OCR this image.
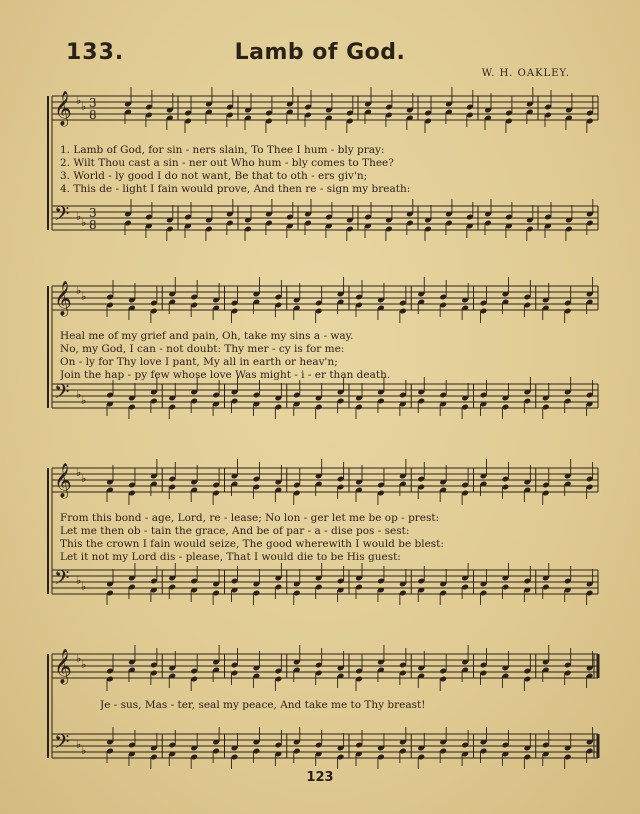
133.	Lamb of God.
W. H. OAKLEY.
1. Lamb of God, for sin - ners slain, To Thee I hum - bly pray:
2. Wilt Thou cast a sin - ner out Who hum - bly comes to Thee?
3. World - ly good I do not want, Be that to oth - ers giv'n;
4. This de - light I fain would prove, And then re - sign my breath:
Heal me of my grief and pain, Oh, take my sins a - way.
No, my God, I can - not doubt: Thy mer - cy is for me:
On - ly for Thy love I pant, My all in earth or heav'n;
Join the hap - py few whose love Was might - i - er than death.
From this bond - age, Lord, re - lease; No lon - ger let me be op - prest:
Let me then ob - tain the grace, And be of par - a - dise pos - sest:
This the crown I fain would seize, The good wherewith I would be blest:
Let it not my Lord dis - please, That I would die to be His guest:
Je - sus, Mas - ter, seal my peace, And take me to Thy breast!
𝄞
𝄢
♭ ♭
♭ ♭
3
8
3
8
𝄞
𝄢
♭ ♭
♭ ♭
𝄞
𝄢
♭ ♭
♭ ♭
𝄞
𝄢
♭ ♭
♭ ♭
123
